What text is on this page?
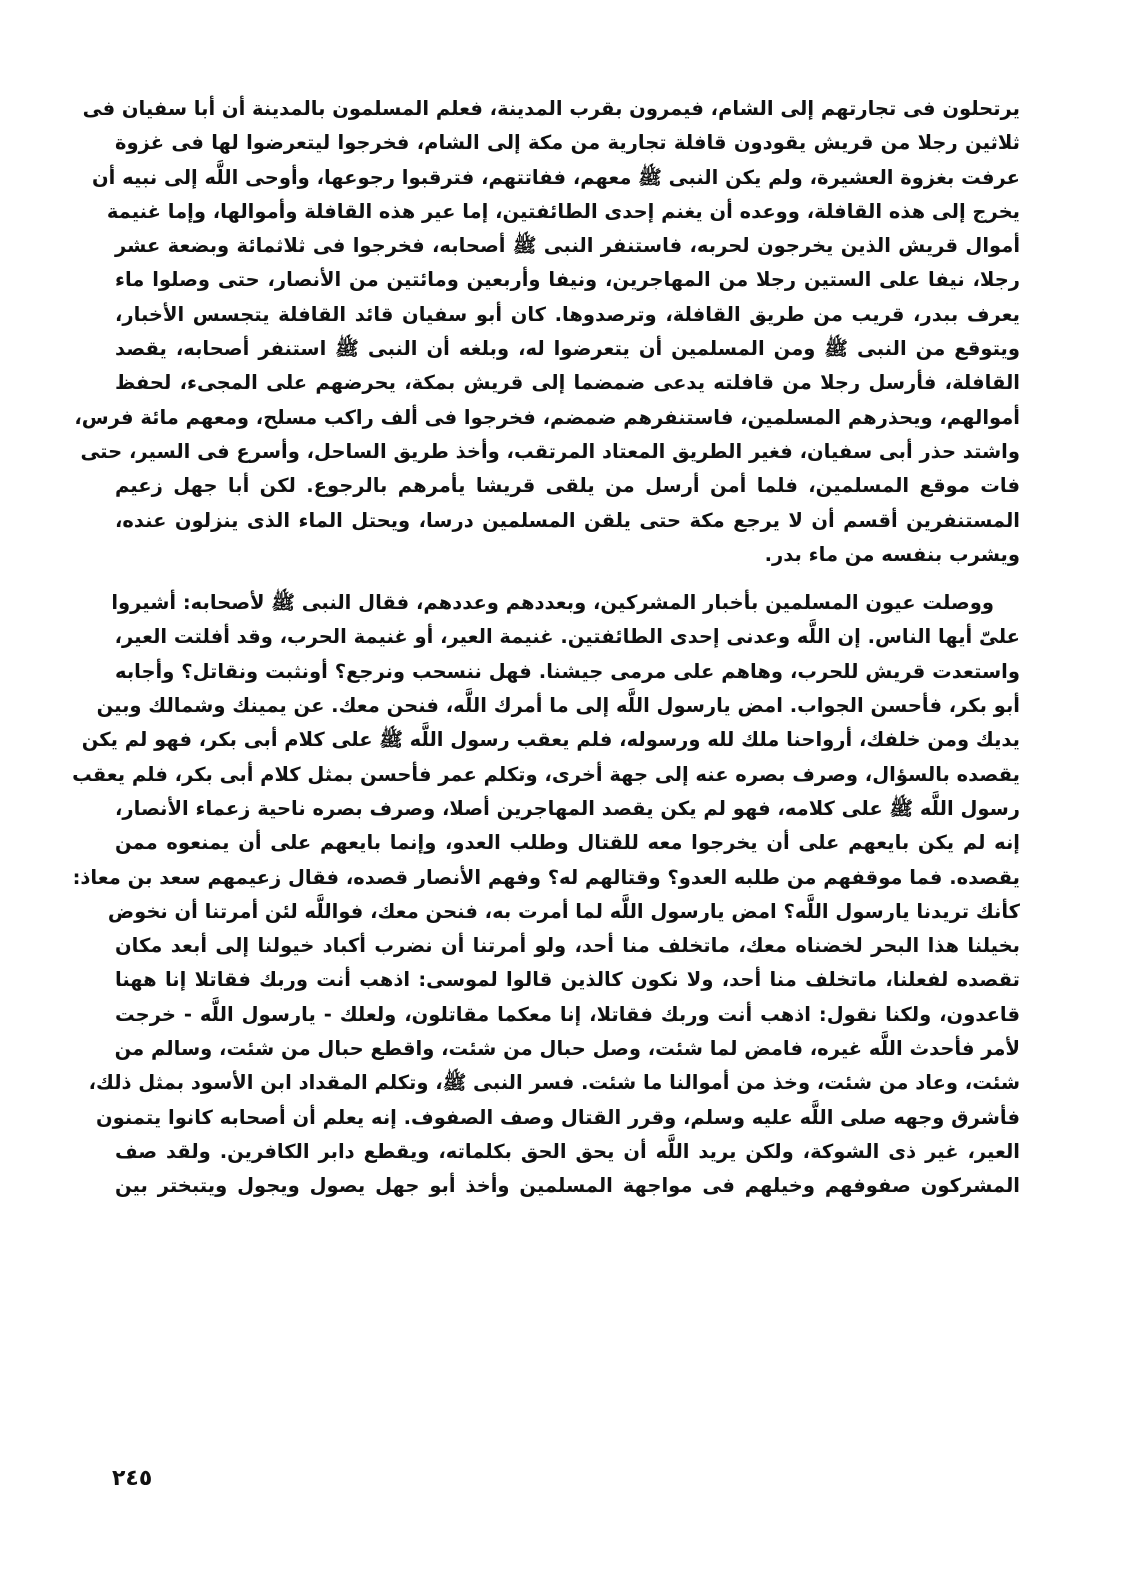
يرتحلون فى تجارتهم إلى الشام، فيمرون بقرب المدينة، فعلم المسلمون بالمدينة أن أبا سفيان فى
ثلاثين رجلا من قريش يقودون قافلة تجارية من مكة إلى الشام، فخرجوا ليتعرضوا لها فى غزوة
عرفت بغزوة العشيرة، ولم يكن النبى ﷺ معهم، ففاتتهم، فترقبوا رجوعها، وأوحى اللَّه إلى نبيه أن
يخرج إلى هذه القافلة، ووعده أن يغنم إحدى الطائفتين، إما عير هذه القافلة وأموالها، وإما غنيمة
أموال قريش الذين يخرجون لحربه، فاستنفر النبى ﷺ أصحابه، فخرجوا فى ثلاثمائة وبضعة عشر
رجلا، نيفا على الستين رجلا من المهاجرين، ونيفا وأربعين ومائتين من الأنصار، حتى وصلوا ماء
يعرف ببدر، قريب من طريق القافلة، وترصدوها. كان أبو سفيان قائد القافلة يتجسس الأخبار،
ويتوقع من النبى ﷺ ومن المسلمين أن يتعرضوا له، وبلغه أن النبى ﷺ استنفر أصحابه، يقصد
القافلة، فأرسل رجلا من قافلته يدعى ضمضما إلى قريش بمكة، يحرضهم على المجىء، لحفظ
أموالهم، ويحذرهم المسلمين، فاستنفرهم ضمضم، فخرجوا فى ألف راكب مسلح، ومعهم مائة فرس،
واشتد حذر أبى سفيان، فغير الطريق المعتاد المرتقب، وأخذ طريق الساحل، وأسرع فى السير، حتى
فات موقع المسلمين، فلما أمن أرسل من يلقى قريشا يأمرهم بالرجوع. لكن أبا جهل زعيم
المستنفرين أقسم أن لا يرجع مكة حتى يلقن المسلمين درسا، ويحتل الماء الذى ينزلون عنده،
ويشرب بنفسه من ماء بدر.
ووصلت عيون المسلمين بأخبار المشركين، وبعددهم وعددهم، فقال النبى ﷺ لأصحابه: أشيروا
علىّ أيها الناس. إن اللَّه وعدنى إحدى الطائفتين. غنيمة العير، أو غنيمة الحرب، وقد أفلتت العير،
واستعدت قريش للحرب، وهاهم على مرمى جيشنا. فهل ننسحب ونرجع؟ أونثبت ونقاتل؟ وأجابه
أبو بكر، فأحسن الجواب. امض يارسول اللَّه إلى ما أمرك اللَّه، فنحن معك. عن يمينك وشمالك وبين
يديك ومن خلفك، أرواحنا ملك لله ورسوله، فلم يعقب رسول اللَّه ﷺ على كلام أبى بكر، فهو لم يكن
يقصده بالسؤال، وصرف بصره عنه إلى جهة أخرى، وتكلم عمر فأحسن بمثل كلام أبى بكر، فلم يعقب
رسول اللَّه ﷺ على كلامه، فهو لم يكن يقصد المهاجرين أصلا، وصرف بصره ناحية زعماء الأنصار،
إنه لم يكن بايعهم على أن يخرجوا معه للقتال وطلب العدو، وإنما بايعهم على أن يمنعوه ممن
يقصده. فما موقفهم من طلبه العدو؟ وقتالهم له؟ وفهم الأنصار قصده، فقال زعيمهم سعد بن معاذ:
كأنك تريدنا يارسول اللَّه؟ امض يارسول اللَّه لما أمرت به، فنحن معك، فواللَّه لئن أمرتنا أن نخوض
بخيلنا هذا البحر لخضناه معك، ماتخلف منا أحد، ولو أمرتنا أن نضرب أكباد خيولنا إلى أبعد مكان
تقصده لفعلنا، ماتخلف منا أحد، ولا نكون كالذين قالوا لموسى: اذهب أنت وربك فقاتلا إنا ههنا
قاعدون، ولكنا نقول: اذهب أنت وربك فقاتلا، إنا معكما مقاتلون، ولعلك - يارسول اللَّه - خرجت
لأمر فأحدث اللَّه غيره، فامض لما شئت، وصل حبال من شئت، واقطع حبال من شئت، وسالم من
شئت، وعاد من شئت، وخذ من أموالنا ما شئت. فسر النبى ﷺ، وتكلم المقداد ابن الأسود بمثل ذلك،
فأشرق وجهه صلى اللَّه عليه وسلم، وقرر القتال وصف الصفوف. إنه يعلم أن أصحابه كانوا يتمنون
العير، غير ذى الشوكة، ولكن يريد اللَّه أن يحق الحق بكلماته، ويقطع دابر الكافرين. ولقد صف
المشركون صفوفهم وخيلهم فى مواجهة المسلمين وأخذ أبو جهل يصول ويجول ويتبختر بين
٢٤٥
